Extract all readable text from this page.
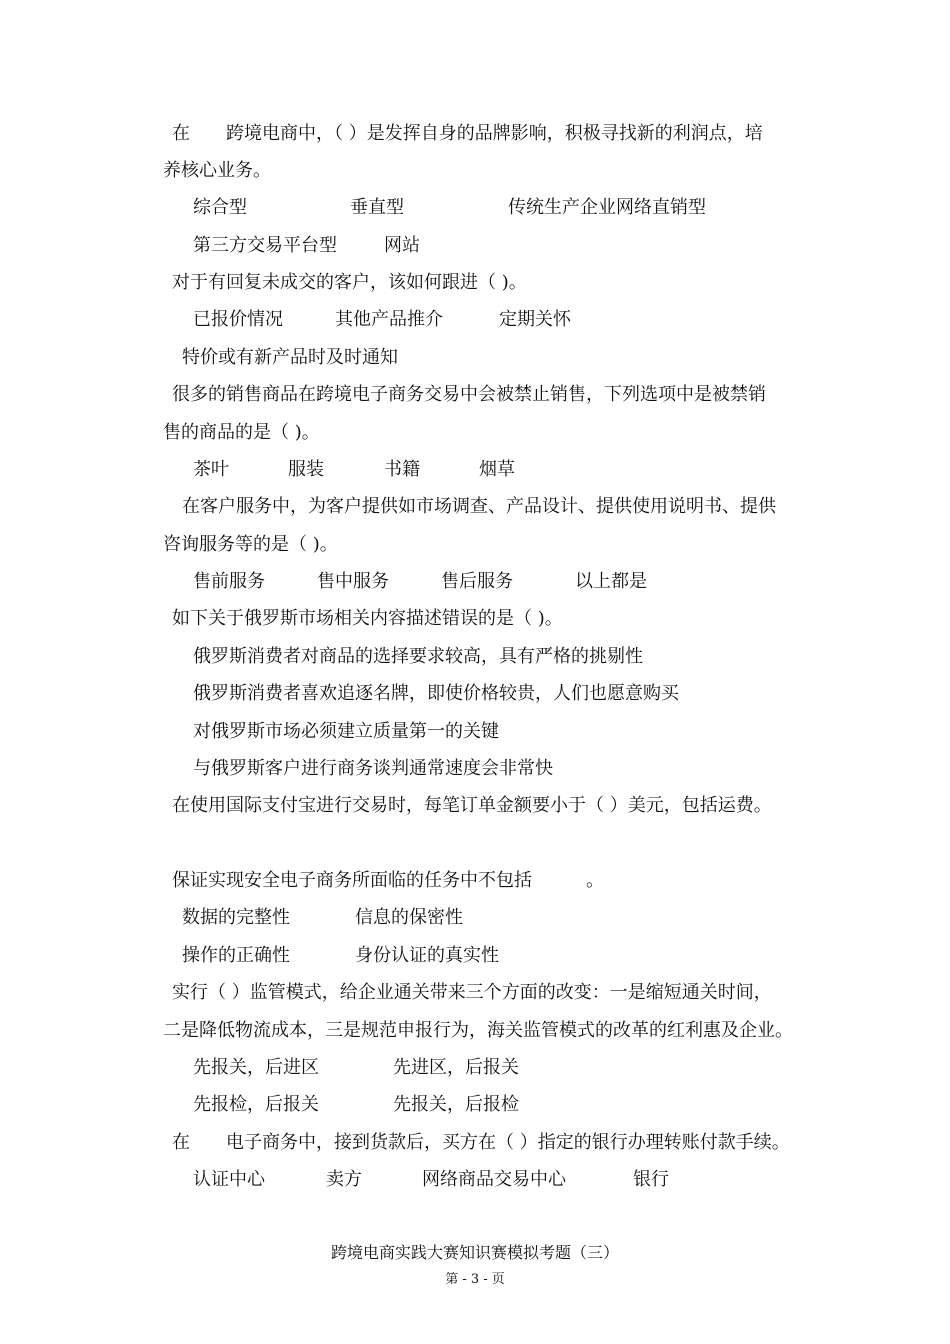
在　　跨境电商中，（ ）是发挥自身的品牌影响，积极寻找新的利润点，培
养核心业务。
综合型	垂直型	传统生产企业网络直销型
第三方交易平台型	网站
对于有回复未成交的客户，该如何跟进（ )。
已报价情况	其他产品推介	定期关怀
特价或有新产品时及时通知
很多的销售商品在跨境电子商务交易中会被禁止销售，下列选项中是被禁销
售的商品的是（ )。
茶叶	服装	书籍	烟草
在客户服务中，为客户提供如市场调查、产品设计、提供使用说明书、提供
咨询服务等的是（ )。
售前服务	售中服务	售后服务	以上都是
如下关于俄罗斯市场相关内容描述错误的是（ )。
俄罗斯消费者对商品的选择要求较高，具有严格的挑剔性
俄罗斯消费者喜欢追逐名牌，即使价格较贵，人们也愿意购买
对俄罗斯市场必须建立质量第一的关键
与俄罗斯客户进行商务谈判通常速度会非常快
在使用国际支付宝进行交易时，每笔订单金额要小于（ ）美元，包括运费。
保证实现安全电子商务所面临的任务中不包括　　　。
数据的完整性	信息的保密性
操作的正确性	身份认证的真实性
实行（ ）监管模式，给企业通关带来三个方面的改变：一是缩短通关时间，
二是降低物流成本，三是规范申报行为，海关监管模式的改革的红利惠及企业。
先报关，后进区	先进区，后报关
先报检，后报关	先报关，后报检
在　　电子商务中，接到货款后，买方在（ ）指定的银行办理转账付款手续。
认证中心	卖方	网络商品交易中心	银行
跨境电商实践大赛知识赛模拟考题（三）
第 - 3 - 页
